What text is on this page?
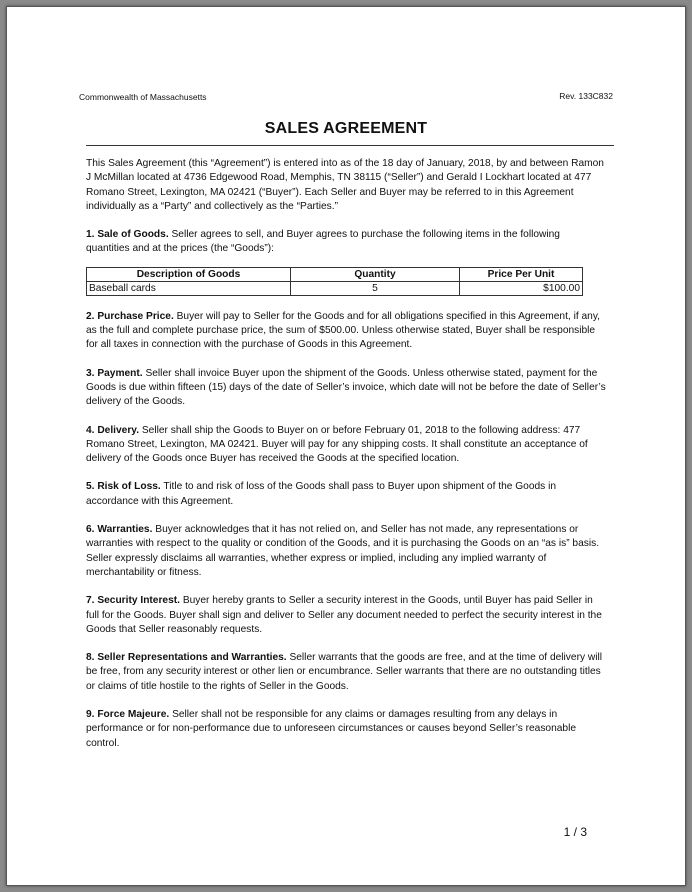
Commonwealth of Massachusetts	Rev. 133C832
SALES AGREEMENT

This Sales Agreement (this “Agreement”) is entered into as of the 18 day of January, 2018, by and between Ramon J McMillan located at 4736 Edgewood Road, Memphis, TN 38115 (“Seller”) and Gerald I Lockhart located at 477 Romano Street, Lexington, MA 02421 (“Buyer”). Each Seller and Buyer may be referred to in this Agreement individually as a “Party” and collectively as the “Parties.”

1. Sale of Goods. Seller agrees to sell, and Buyer agrees to purchase the following items in the following quantities and at the prices (the “Goods”):

Description of Goods	Quantity	Price Per Unit
Baseball cards	5	$100.00

2. Purchase Price. Buyer will pay to Seller for the Goods and for all obligations specified in this Agreement, if any, as the full and complete purchase price, the sum of $500.00. Unless otherwise stated, Buyer shall be responsible for all taxes in connection with the purchase of Goods in this Agreement.

3. Payment. Seller shall invoice Buyer upon the shipment of the Goods. Unless otherwise stated, payment for the Goods is due within fifteen (15) days of the date of Seller’s invoice, which date will not be before the date of Seller’s delivery of the Goods.

4. Delivery. Seller shall ship the Goods to Buyer on or before February 01, 2018 to the following address: 477 Romano Street, Lexington, MA 02421. Buyer will pay for any shipping costs. It shall constitute an acceptance of delivery of the Goods once Buyer has received the Goods at the specified location.

5. Risk of Loss. Title to and risk of loss of the Goods shall pass to Buyer upon shipment of the Goods in accordance with this Agreement.

6. Warranties. Buyer acknowledges that it has not relied on, and Seller has not made, any representations or warranties with respect to the quality or condition of the Goods, and it is purchasing the Goods on an “as is” basis. Seller expressly disclaims all warranties, whether express or implied, including any implied warranty of merchantability or fitness.

7. Security Interest. Buyer hereby grants to Seller a security interest in the Goods, until Buyer has paid Seller in full for the Goods. Buyer shall sign and deliver to Seller any document needed to perfect the security interest in the Goods that Seller reasonably requests.

8. Seller Representations and Warranties. Seller warrants that the goods are free, and at the time of delivery will be free, from any security interest or other lien or encumbrance. Seller warrants that there are no outstanding titles or claims of title hostile to the rights of Seller in the Goods.

9. Force Majeure. Seller shall not be responsible for any claims or damages resulting from any delays in performance or for non-performance due to unforeseen circumstances or causes beyond Seller’s reasonable control.

1 / 3
